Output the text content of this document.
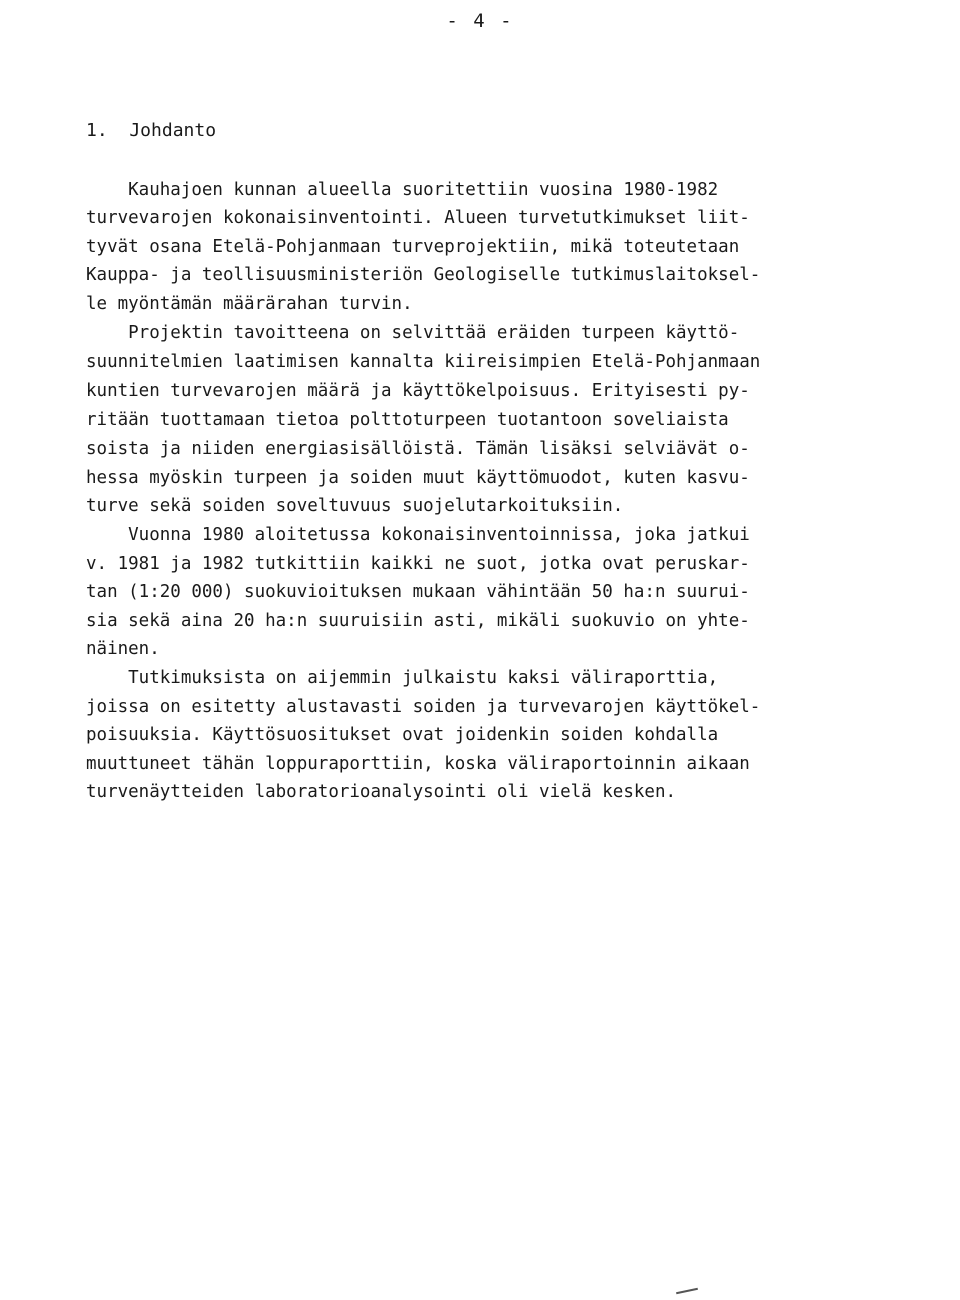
- 4 -
1.  Johdanto
Kauhajoen kunnan alueella suoritettiin vuosina 1980-1982
turvevarojen kokonaisinventointi. Alueen turvetutkimukset liit-
tyvät osana Etelä-Pohjanmaan turveprojektiin, mikä toteutetaan
Kauppa- ja teollisuusministeriön Geologiselle tutkimuslaitoksel-
le myöntämän määrärahan turvin.
Projektin tavoitteena on selvittää eräiden turpeen käyttö-
suunnitelmien laatimisen kannalta kiireisimpien Etelä-Pohjanmaan
kuntien turvevarojen määrä ja käyttökelpoisuus. Erityisesti py-
ritään tuottamaan tietoa polttoturpeen tuotantoon soveliaista
soista ja niiden energiasisällöistä. Tämän lisäksi selviävät o-
hessa myöskin turpeen ja soiden muut käyttömuodot, kuten kasvu-
turve sekä soiden soveltuvuus suojelutarkoituksiin.
Vuonna 1980 aloitetussa kokonaisinventoinnissa, joka jatkui
v. 1981 ja 1982 tutkittiin kaikki ne suot, jotka ovat peruskar-
tan (1:20 000) suokuvioituksen mukaan vähintään 50 ha:n suurui-
sia sekä aina 20 ha:n suuruisiin asti, mikäli suokuvio on yhte-
näinen.
Tutkimuksista on aijemmin julkaistu kaksi väliraporttia,
joissa on esitetty alustavasti soiden ja turvevarojen käyttökel-
poisuuksia. Käyttösuositukset ovat joidenkin soiden kohdalla
muuttuneet tähän loppuraporttiin, koska väliraportoinnin aikaan
turvenäytteiden laboratorioanalysointi oli vielä kesken.
